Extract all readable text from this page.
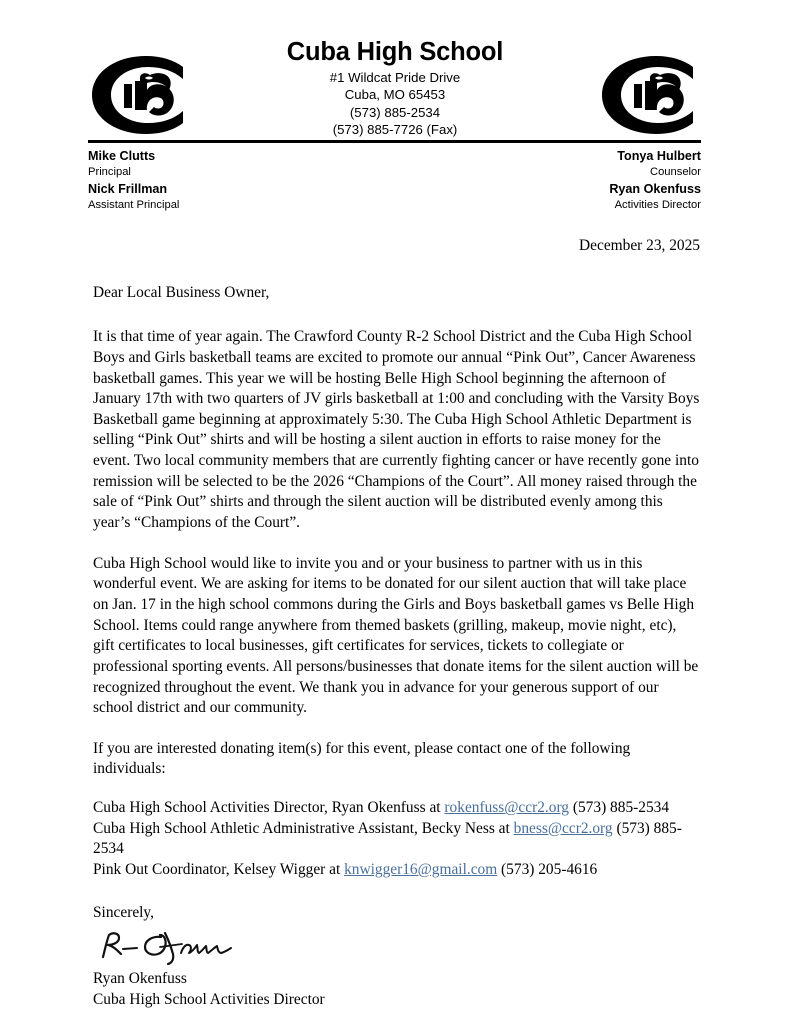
Cuba High School

#1 Wildcat Pride Drive

Cuba, MO 65453

(573) 885-2534

(573) 885-7726 (Fax)

Mike Clutts
Principal
Nick Frillman
Assistant Principal
Tonya Hulbert
Counselor
Ryan Okenfuss
Activities Director

December 23, 2025

Dear Local Business Owner,

It is that time of year again. The Crawford County R-2 School District and the Cuba High School Boys and Girls basketball teams are excited to promote our annual “Pink Out”, Cancer Awareness basketball games. This year we will be hosting Belle High School beginning the afternoon of January 17th with two quarters of JV girls basketball at 1:00 and concluding with the Varsity Boys Basketball game beginning at approximately 5:30. The Cuba High School Athletic Department is selling “Pink Out” shirts and will be hosting a silent auction in efforts to raise money for the event. Two local community members that are currently fighting cancer or have recently gone into remission will be selected to be the 2026 “Champions of the Court”. All money raised through the sale of “Pink Out” shirts and through the silent auction will be distributed evenly among this year’s “Champions of the Court”.

Cuba High School would like to invite you and or your business to partner with us in this wonderful event. We are asking for items to be donated for our silent auction that will take place on Jan. 17 in the high school commons during the Girls and Boys basketball games vs Belle High School. Items could range anywhere from themed baskets (grilling, makeup, movie night, etc), gift certificates to local businesses, gift certificates for services, tickets to collegiate or professional sporting events. All persons/businesses that donate items for the silent auction will be recognized throughout the event. We thank you in advance for your generous support of our school district and our community.

If you are interested donating item(s) for this event, please contact one of the following individuals:

Cuba High School Activities Director, Ryan Okenfuss at rokenfuss@ccr2.org (573) 885-2534
Cuba High School Athletic Administrative Assistant, Becky Ness at bness@ccr2.org (573) 885-2534
Pink Out Coordinator, Kelsey Wigger at knwigger16@gmail.com (573) 205-4616

Sincerely,

Ryan Okenfuss

Cuba High School Activities Director
